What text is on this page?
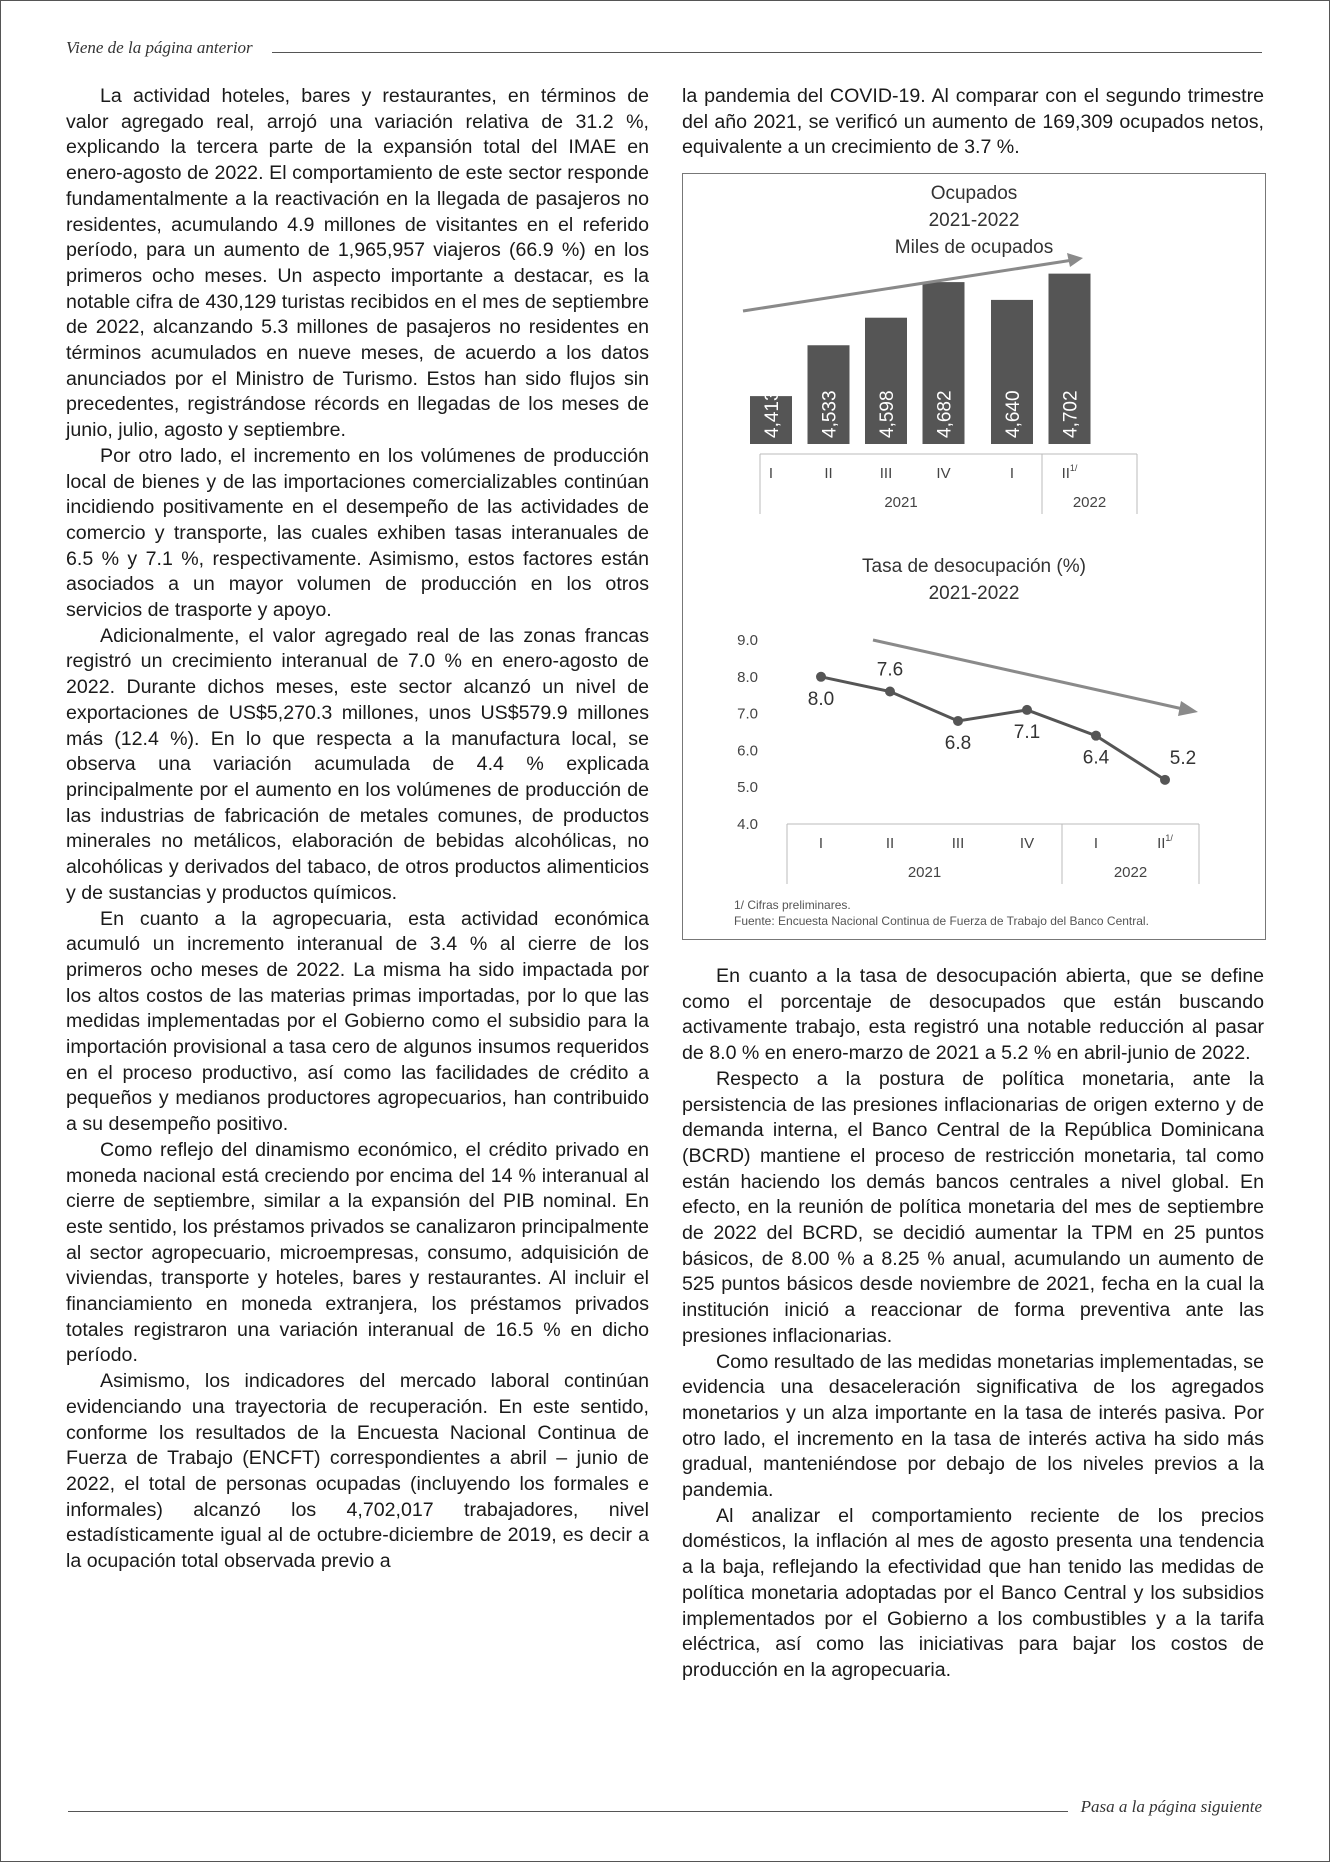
Viene de la página anterior

La actividad hoteles, bares y restaurantes, en términos de valor agregado real, arrojó una variación relativa de 31.2 %, explicando la tercera parte de la expansión total del IMAE en enero-agosto de 2022. El comportamiento de este sector responde fundamentalmente a la reactivación en la llegada de pasajeros no residentes, acumulando 4.9 millones de visitantes en el referido período, para un aumento de 1,965,957 viajeros (66.9 %) en los primeros ocho meses. Un aspecto importante a destacar, es la notable cifra de 430,129 turistas recibidos en el mes de septiembre de 2022, alcanzando 5.3 millones de pasajeros no residentes en términos acumulados en nueve meses, de acuerdo a los datos anunciados por el Ministro de Turismo. Estos han sido flujos sin precedentes, registrándose récords en llegadas de los meses de junio, julio, agosto y septiembre.

Por otro lado, el incremento en los volúmenes de producción local de bienes y de las importaciones comercializables continúan incidiendo positivamente en el desempeño de las actividades de comercio y transporte, las cuales exhiben tasas interanuales de 6.5 % y 7.1 %, respectivamente. Asimismo, estos factores están asociados a un mayor volumen de producción en los otros servicios de trasporte y apoyo.

Adicionalmente, el valor agregado real de las zonas francas registró un crecimiento interanual de 7.0 % en enero-agosto de 2022. Durante dichos meses, este sector alcanzó un nivel de exportaciones de US$5,270.3 millones, unos US$579.9 millones más (12.4 %). En lo que respecta a la manufactura local, se observa una variación acumulada de 4.4 % explicada principalmente por el aumento en los volúmenes de producción de las industrias de fabricación de metales comunes, de productos minerales no metálicos, elaboración de bebidas alcohólicas, no alcohólicas y derivados del tabaco, de otros productos alimenticios y de sustancias y productos químicos.

En cuanto a la agropecuaria, esta actividad económica acumuló un incremento interanual de 3.4 % al cierre de los primeros ocho meses de 2022. La misma ha sido impactada por los altos costos de las materias primas importadas, por lo que las medidas implementadas por el Gobierno como el subsidio para la importación provisional a tasa cero de algunos insumos requeridos en el proceso productivo, así como las facilidades de crédito a pequeños y medianos productores agropecuarios, han contribuido a su desempeño positivo.

Como reflejo del dinamismo económico, el crédito privado en moneda nacional está creciendo por encima del 14 % interanual al cierre de septiembre, similar a la expansión del PIB nominal. En este sentido, los préstamos privados se canalizaron principalmente al sector agropecuario, microempresas, consumo, adquisición de viviendas, transporte y hoteles, bares y restaurantes. Al incluir el financiamiento en moneda extranjera, los préstamos privados totales registraron una variación interanual de 16.5 % en dicho período.

Asimismo, los indicadores del mercado laboral continúan evidenciando una trayectoria de recuperación. En este sentido, conforme los resultados de la Encuesta Nacional Continua de Fuerza de Trabajo (ENCFT) correspondientes a abril – junio de 2022, el total de personas ocupadas (incluyendo los formales e informales) alcanzó los 4,702,017 trabajadores, nivel estadísticamente igual al de octubre-diciembre de 2019, es decir a la ocupación total observada previo a

la pandemia del COVID-19. Al comparar con el segundo trimestre del año 2021, se verificó un aumento de 169,309 ocupados netos, equivalente a un crecimiento de 3.7 %.

Ocupados
2021-2022
Miles de ocupados
4,413 4,533 4,598 4,682	4,640 4,702
I	II	III	IV	I	$II^{1/}$
2021	2022
Tasa de desocupación (%)
2021-2022
9.0
8.0
7.0
6.0
5.0
4.0
8.0
7.6
6.8
7.1
6.4	5.2
I	II	III	IV	I	$II^{1/}$
2021	2022
1/ Cifras preliminares.
Fuente: Encuesta Nacional Continua de Fuerza de Trabajo del Banco Central.

En cuanto a la tasa de desocupación abierta, que se define como el porcentaje de desocupados que están buscando activamente trabajo, esta registró una notable reducción al pasar de 8.0 % en enero-marzo de 2021 a 5.2 % en abril-junio de 2022.

Respecto a la postura de política monetaria, ante la persistencia de las presiones inflacionarias de origen externo y de demanda interna, el Banco Central de la República Dominicana (BCRD) mantiene el proceso de restricción monetaria, tal como están haciendo los demás bancos centrales a nivel global. En efecto, en la reunión de política monetaria del mes de septiembre de 2022 del BCRD, se decidió aumentar la TPM en 25 puntos básicos, de 8.00 % a 8.25 % anual, acumulando un aumento de 525 puntos básicos desde noviembre de 2021, fecha en la cual la institución inició a reaccionar de forma preventiva ante las presiones inflacionarias.

Como resultado de las medidas monetarias implementadas, se evidencia una desaceleración significativa de los agregados monetarios y un alza importante en la tasa de interés pasiva. Por otro lado, el incremento en la tasa de interés activa ha sido más gradual, manteniéndose por debajo de los niveles previos a la pandemia.

Al analizar el comportamiento reciente de los precios domésticos, la inflación al mes de agosto presenta una tendencia a la baja, reflejando la efectividad que han tenido las medidas de política monetaria adoptadas por el Banco Central y los subsidios implementados por el Gobierno a los combustibles y a la tarifa eléctrica, así como las iniciativas para bajar los costos de producción en la agropecuaria.

Pasa a la página siguiente
